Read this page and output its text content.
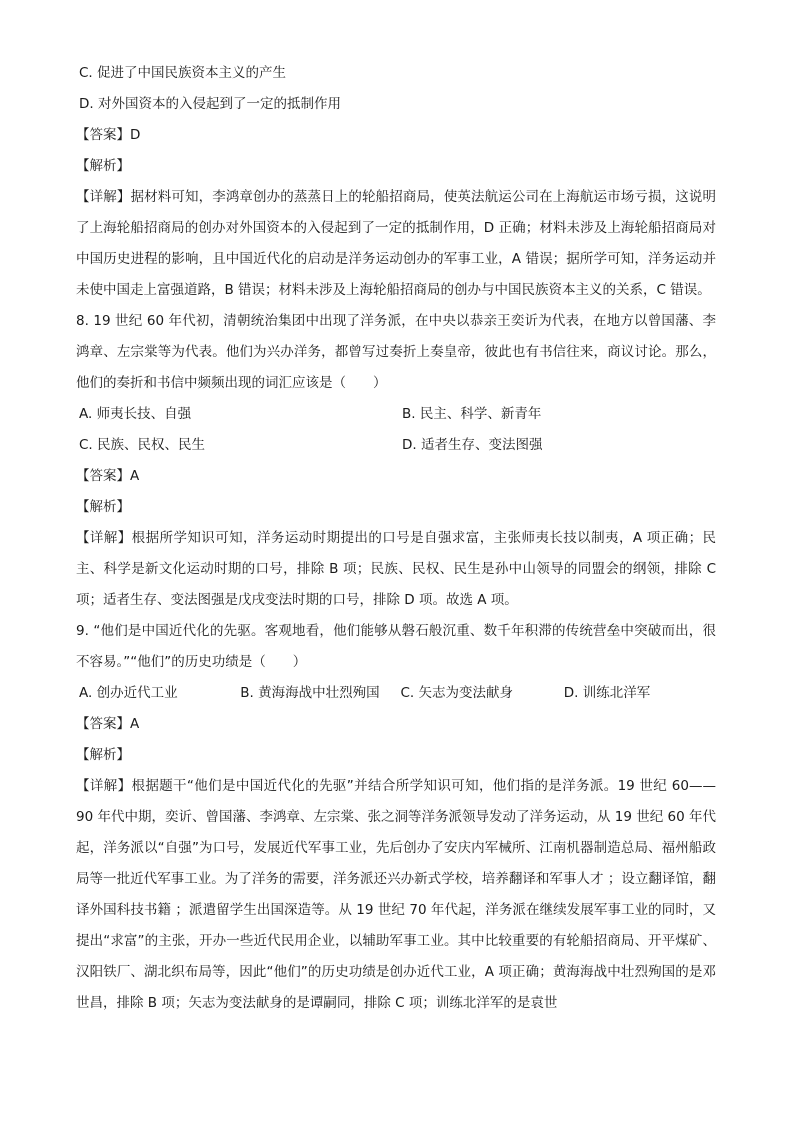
C. 促进了中国民族资本主义的产生

D. 对外国资本的入侵起到了一定的抵制作用

【答案】D

【解析】

【详解】据材料可知，李鸿章创办的蒸蒸日上的轮船招商局，使英法航运公司在上海航运市场亏损，这说明了上海轮船招商局的创办对外国资本的入侵起到了一定的抵制作用，D 正确；材料未涉及上海轮船招商局对中国历史进程的影响，且中国近代化的启动是洋务运动创办的军事工业，A 错误；据所学可知，洋务运动并未使中国走上富强道路，B 错误；材料未涉及上海轮船招商局的创办与中国民族资本主义的关系，C 错误。

8. 19 世纪 60 年代初，清朝统治集团中出现了洋务派，在中央以恭亲王奕䜣为代表，在地方以曾国藩、李鸿章、左宗棠等为代表。他们为兴办洋务，都曾写过奏折上奏皇帝，彼此也有书信往来，商议讨论。那么，他们的奏折和书信中频频出现的词汇应该是（　　）

A. 师夷长技、自强	B. 民主、科学、新青年
C. 民族、民权、民生	D. 适者生存、变法图强

【答案】A

【解析】

【详解】根据所学知识可知，洋务运动时期提出的口号是自强求富，主张师夷长技以制夷，A 项正确；民主、科学是新文化运动时期的口号，排除 B 项；民族、民权、民生是孙中山领导的同盟会的纲领，排除 C 项；适者生存、变法图强是戊戌变法时期的口号，排除 D 项。故选 A 项。

9. “他们是中国近代化的先驱。客观地看，他们能够从磐石般沉重、数千年积滞的传统营垒中突破而出，很不容易。”“他们”的历史功绩是（　　）

A. 创办近代工业	B. 黄海海战中壮烈殉国	C. 矢志为变法献身	D. 训练北洋军

【答案】A

【解析】

【详解】根据题干“他们是中国近代化的先驱”并结合所学知识可知，他们指的是洋务派。19 世纪 60——90 年代中期，奕䜣、曾国藩、李鸿章、左宗棠、张之洞等洋务派领导发动了洋务运动，从 19 世纪 60 年代起，洋务派以“自强”为口号，发展近代军事工业，先后创办了安庆内军械所、江南机器制造总局、福州船政局等一批近代军事工业。为了洋务的需要，洋务派还兴办新式学校，培养翻译和军事人才 ；设立翻译馆，翻译外国科技书籍 ；派遣留学生出国深造等。从 19 世纪 70 年代起，洋务派在继续发展军事工业的同时，又提出“求富”的主张，开办一些近代民用企业，以辅助军事工业。其中比较重要的有轮船招商局、开平煤矿、汉阳铁厂、湖北织布局等，因此“他们”的历史功绩是创办近代工业，A 项正确；黄海海战中壮烈殉国的是邓世昌，排除 B 项；矢志为变法献身的是谭嗣同，排除 C 项；训练北洋军的是袁世
